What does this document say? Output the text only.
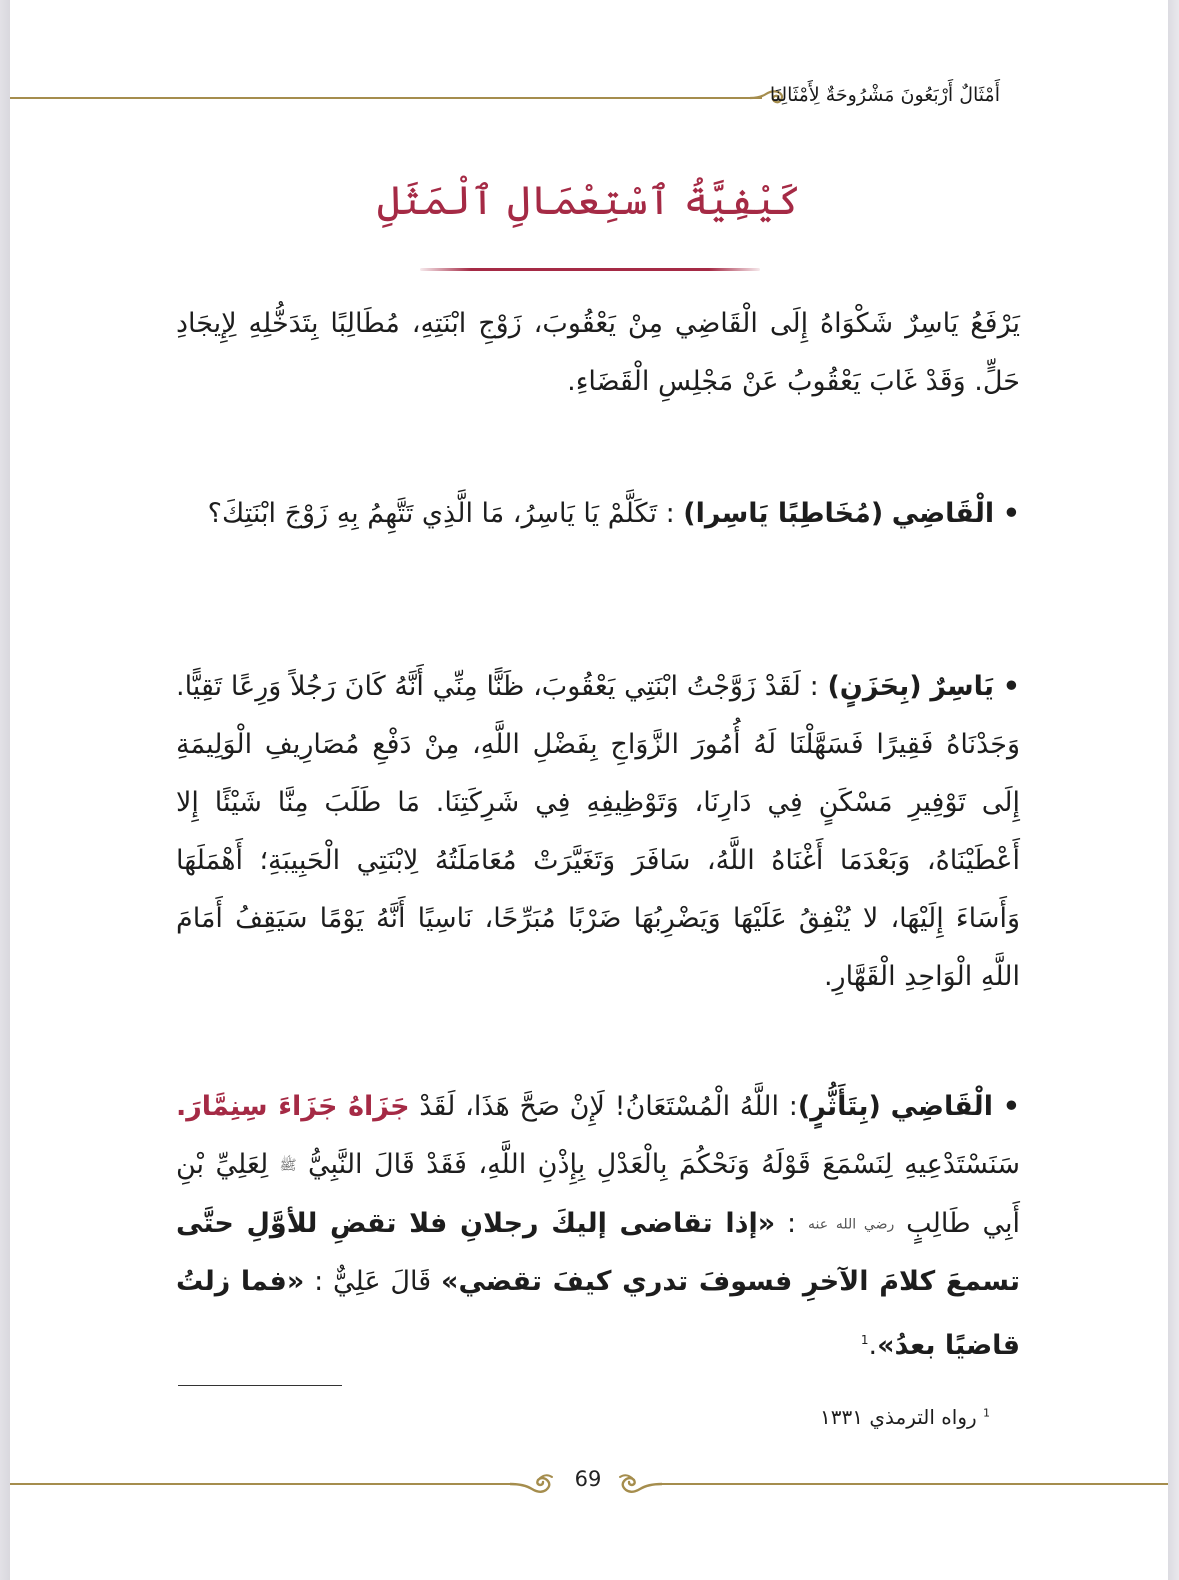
أَمْثَالٌ أَرْبَعُونَ مَشْرُوحَةٌ لِأَمْثَالِنَا
كَيْفِيَّةُ ٱسْتِعْمَالِ ٱلْمَثَلِ
يَرْفَعُ يَاسِرٌ شَكْوَاهُ إِلَى الْقَاضِي مِنْ يَعْقُوبَ، زَوْجِ ابْنَتِهِ، مُطَالِبًا بِتَدَخُّلِهِ لِإِيجَادِ حَلٍّ. وَقَدْ غَابَ يَعْقُوبُ عَنْ مَجْلِسِ الْقَضَاءِ.
• الْقَاضِي (مُخَاطِبًا يَاسِرا) : تَكَلَّمْ يَا يَاسِرُ، مَا الَّذِي تَتَّهِمُ بِهِ زَوْجَ ابْنَتِكَ؟
• يَاسِرٌ (بِحَزَنٍ) : لَقَدْ زَوَّجْتُ ابْنَتِي يَعْقُوبَ، ظَنًّا مِنِّي أَنَّهُ كَانَ رَجُلاً وَرِعًا تَقِيًّا. وَجَدْنَاهُ فَقِيرًا فَسَهَّلْنَا لَهُ أُمُورَ الزَّوَاجِ بِفَضْلِ اللَّهِ، مِنْ دَفْعِ مُصَارِيفِ الْوَلِيمَةِ إِلَى تَوْفِيرِ مَسْكَنٍ فِي دَارِنَا، وَتَوْظِيفِهِ فِي شَرِكَتِنَا. مَا طَلَبَ مِنَّا شَيْئًا إِلا أَعْطَيْنَاهُ، وَبَعْدَمَا أَغْنَاهُ اللَّهُ، سَافَرَ وَتَغَيَّرَتْ مُعَامَلَتُهُ لِابْنَتِي الْحَبِيبَةِ؛ أَهْمَلَهَا وَأَسَاءَ إِلَيْهَا، لا يُنْفِقُ عَلَيْهَا وَيَضْرِبُهَا ضَرْبًا مُبَرِّحًا، نَاسِيًا أَنَّهُ يَوْمًا سَيَقِفُ أَمَامَ اللَّهِ الْوَاحِدِ الْقَهَّارِ.
• الْقَاضِي (بِتَأَثُّرٍ): اللَّهُ الْمُسْتَعَانُ! لَإِنْ صَحَّ هَذَا، لَقَدْ جَزَاهُ جَزَاءَ سِنِمَّارَ. سَنَسْتَدْعِيهِ لِنَسْمَعَ قَوْلَهُ وَنَحْكُمَ بِالْعَدْلِ بِإِذْنِ اللَّهِ، فَقَدْ قَالَ النَّبِيُّ ﷺ لِعَلِيِّ بْنِ أَبِي طَالِبٍ رضي الله عنه : «إذا تقاضى إليكَ رجلانِ فلا تقضِ للأوَّلِ حتَّى تسمعَ كلامَ الآخرِ فسوفَ تدري كيفَ تقضي» قَالَ عَلِيٌّ : «فما زلتُ قاضيًا بعدُ».$^1$
$^1$ رواه الترمذي ١٣٣١
69
